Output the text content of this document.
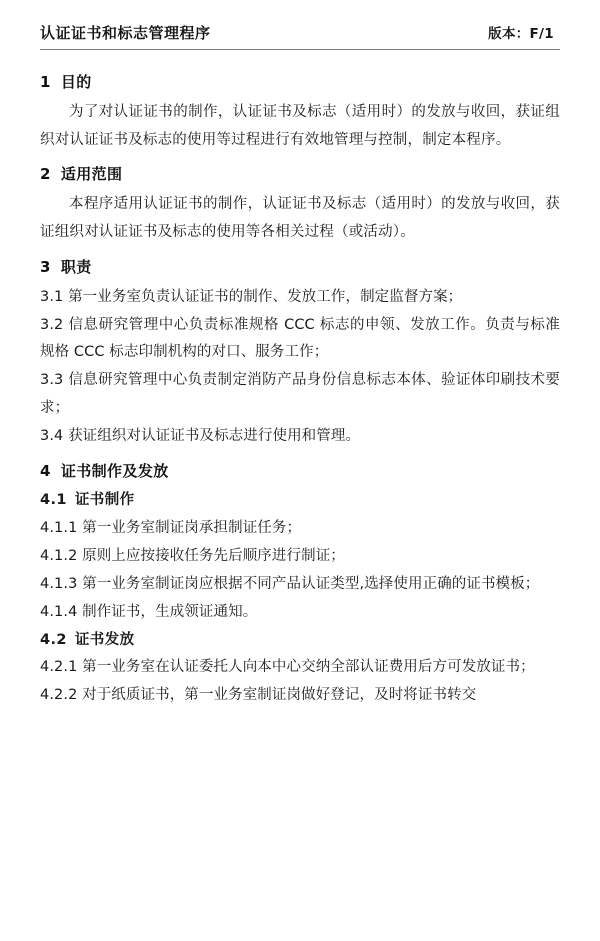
认证证书和标志管理程序	版本：F/1
1 目的

为了对认证证书的制作，认证证书及标志（适用时）的发放与收回，获证组织对认证证书及标志的使用等过程进行有效地管理与控制，制定本程序。

2 适用范围

本程序适用认证证书的制作，认证证书及标志（适用时）的发放与收回，获证组织对认证证书及标志的使用等各相关过程（或活动）。

3 职责

3.1 第一业务室负责认证证书的制作、发放工作，制定监督方案；

3.2 信息研究管理中心负责标准规格 CCC 标志的申领、发放工作。负责与标准规格 CCC 标志印制机构的对口、服务工作；

3.3 信息研究管理中心负责制定消防产品身份信息标志本体、验证体印刷技术要求；

3.4 获证组织对认证证书及标志进行使用和管理。

4 证书制作及发放

4.1 证书制作

4.1.1 第一业务室制证岗承担制证任务；

4.1.2 原则上应按接收任务先后顺序进行制证；

4.1.3 第一业务室制证岗应根据不同产品认证类型,选择使用正确的证书模板；

4.1.4 制作证书，生成领证通知。

4.2 证书发放

4.2.1 第一业务室在认证委托人向本中心交纳全部认证费用后方可发放证书；

4.2.2 对于纸质证书，第一业务室制证岗做好登记，及时将证书转交
